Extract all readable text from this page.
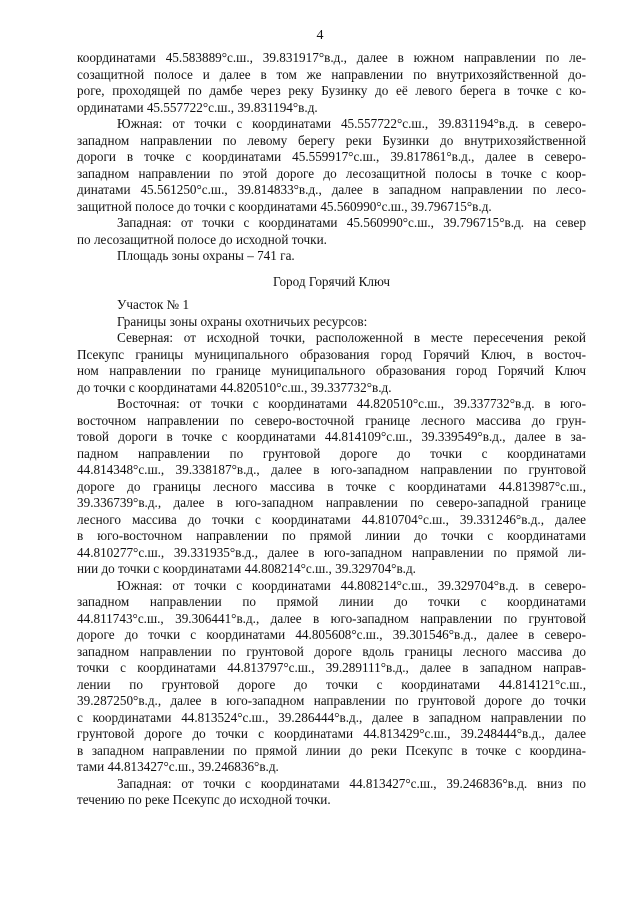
4

координатами 45.583889°с.ш., 39.831917°в.д., далее в южном направлении по ле-
созащитной полосе и далее в том же направлении по внутрихозяйственной до-
роге, проходящей по дамбе через реку Бузинку до её левого берега в точке с ко-
ординатами 45.557722°с.ш., 39.831194°в.д.

Южная: от точки с координатами 45.557722°с.ш., 39.831194°в.д. в северо-
западном направлении по левому берегу реки Бузинки до внутрихозяйственной
дороги в точке с координатами 45.559917°с.ш., 39.817861°в.д., далее в северо-
западном направлении по этой дороге до лесозащитной полосы в точке с коор-
динатами 45.561250°с.ш., 39.814833°в.д., далее в западном направлении по лесо-
защитной полосе до точки с координатами 45.560990°с.ш., 39.796715°в.д.

Западная: от точки с координатами 45.560990°с.ш., 39.796715°в.д. на север
по лесозащитной полосе до исходной точки.

Площадь зоны охраны – 741 га.

Город Горячий Ключ

Участок № 1

Границы зоны охраны охотничьих ресурсов:

Северная: от исходной точки, расположенной в месте пересечения рекой
Псекупс границы муниципального образования город Горячий Ключ, в восточ-
ном направлении по границе муниципального образования город Горячий Ключ
до точки с координатами 44.820510°с.ш., 39.337732°в.д.

Восточная: от точки с координатами 44.820510°с.ш., 39.337732°в.д. в юго-
восточном направлении по северо-восточной границе лесного массива до грун-
товой дороги в точке с координатами 44.814109°с.ш., 39.339549°в.д., далее в за-
падном направлении по грунтовой дороге до точки с координатами
44.814348°с.ш., 39.338187°в.д., далее в юго-западном направлении по грунтовой
дороге до границы лесного массива в точке с координатами 44.813987°с.ш.,
39.336739°в.д., далее в юго-западном направлении по северо-западной границе
лесного массива до точки с координатами 44.810704°с.ш., 39.331246°в.д., далее
в юго-восточном направлении по прямой линии до точки с координатами
44.810277°с.ш., 39.331935°в.д., далее в юго-западном направлении по прямой ли-
нии до точки с координатами 44.808214°с.ш., 39.329704°в.д.

Южная: от точки с координатами 44.808214°с.ш., 39.329704°в.д. в северо-
западном направлении по прямой линии до точки с координатами
44.811743°с.ш., 39.306441°в.д., далее в юго-западном направлении по грунтовой
дороге до точки с координатами 44.805608°с.ш., 39.301546°в.д., далее в северо-
западном направлении по грунтовой дороге вдоль границы лесного массива до
точки с координатами 44.813797°с.ш., 39.289111°в.д., далее в западном направ-
лении по грунтовой дороге до точки с координатами 44.814121°с.ш.,
39.287250°в.д., далее в юго-западном направлении по грунтовой дороге до точки
с координатами 44.813524°с.ш., 39.286444°в.д., далее в западном направлении по
грунтовой дороге до точки с координатами 44.813429°с.ш., 39.248444°в.д., далее
в западном направлении по прямой линии до реки Псекупс в точке с координа-
тами 44.813427°с.ш., 39.246836°в.д.

Западная: от точки с координатами 44.813427°с.ш., 39.246836°в.д. вниз по
течению по реке Псекупс до исходной точки.
